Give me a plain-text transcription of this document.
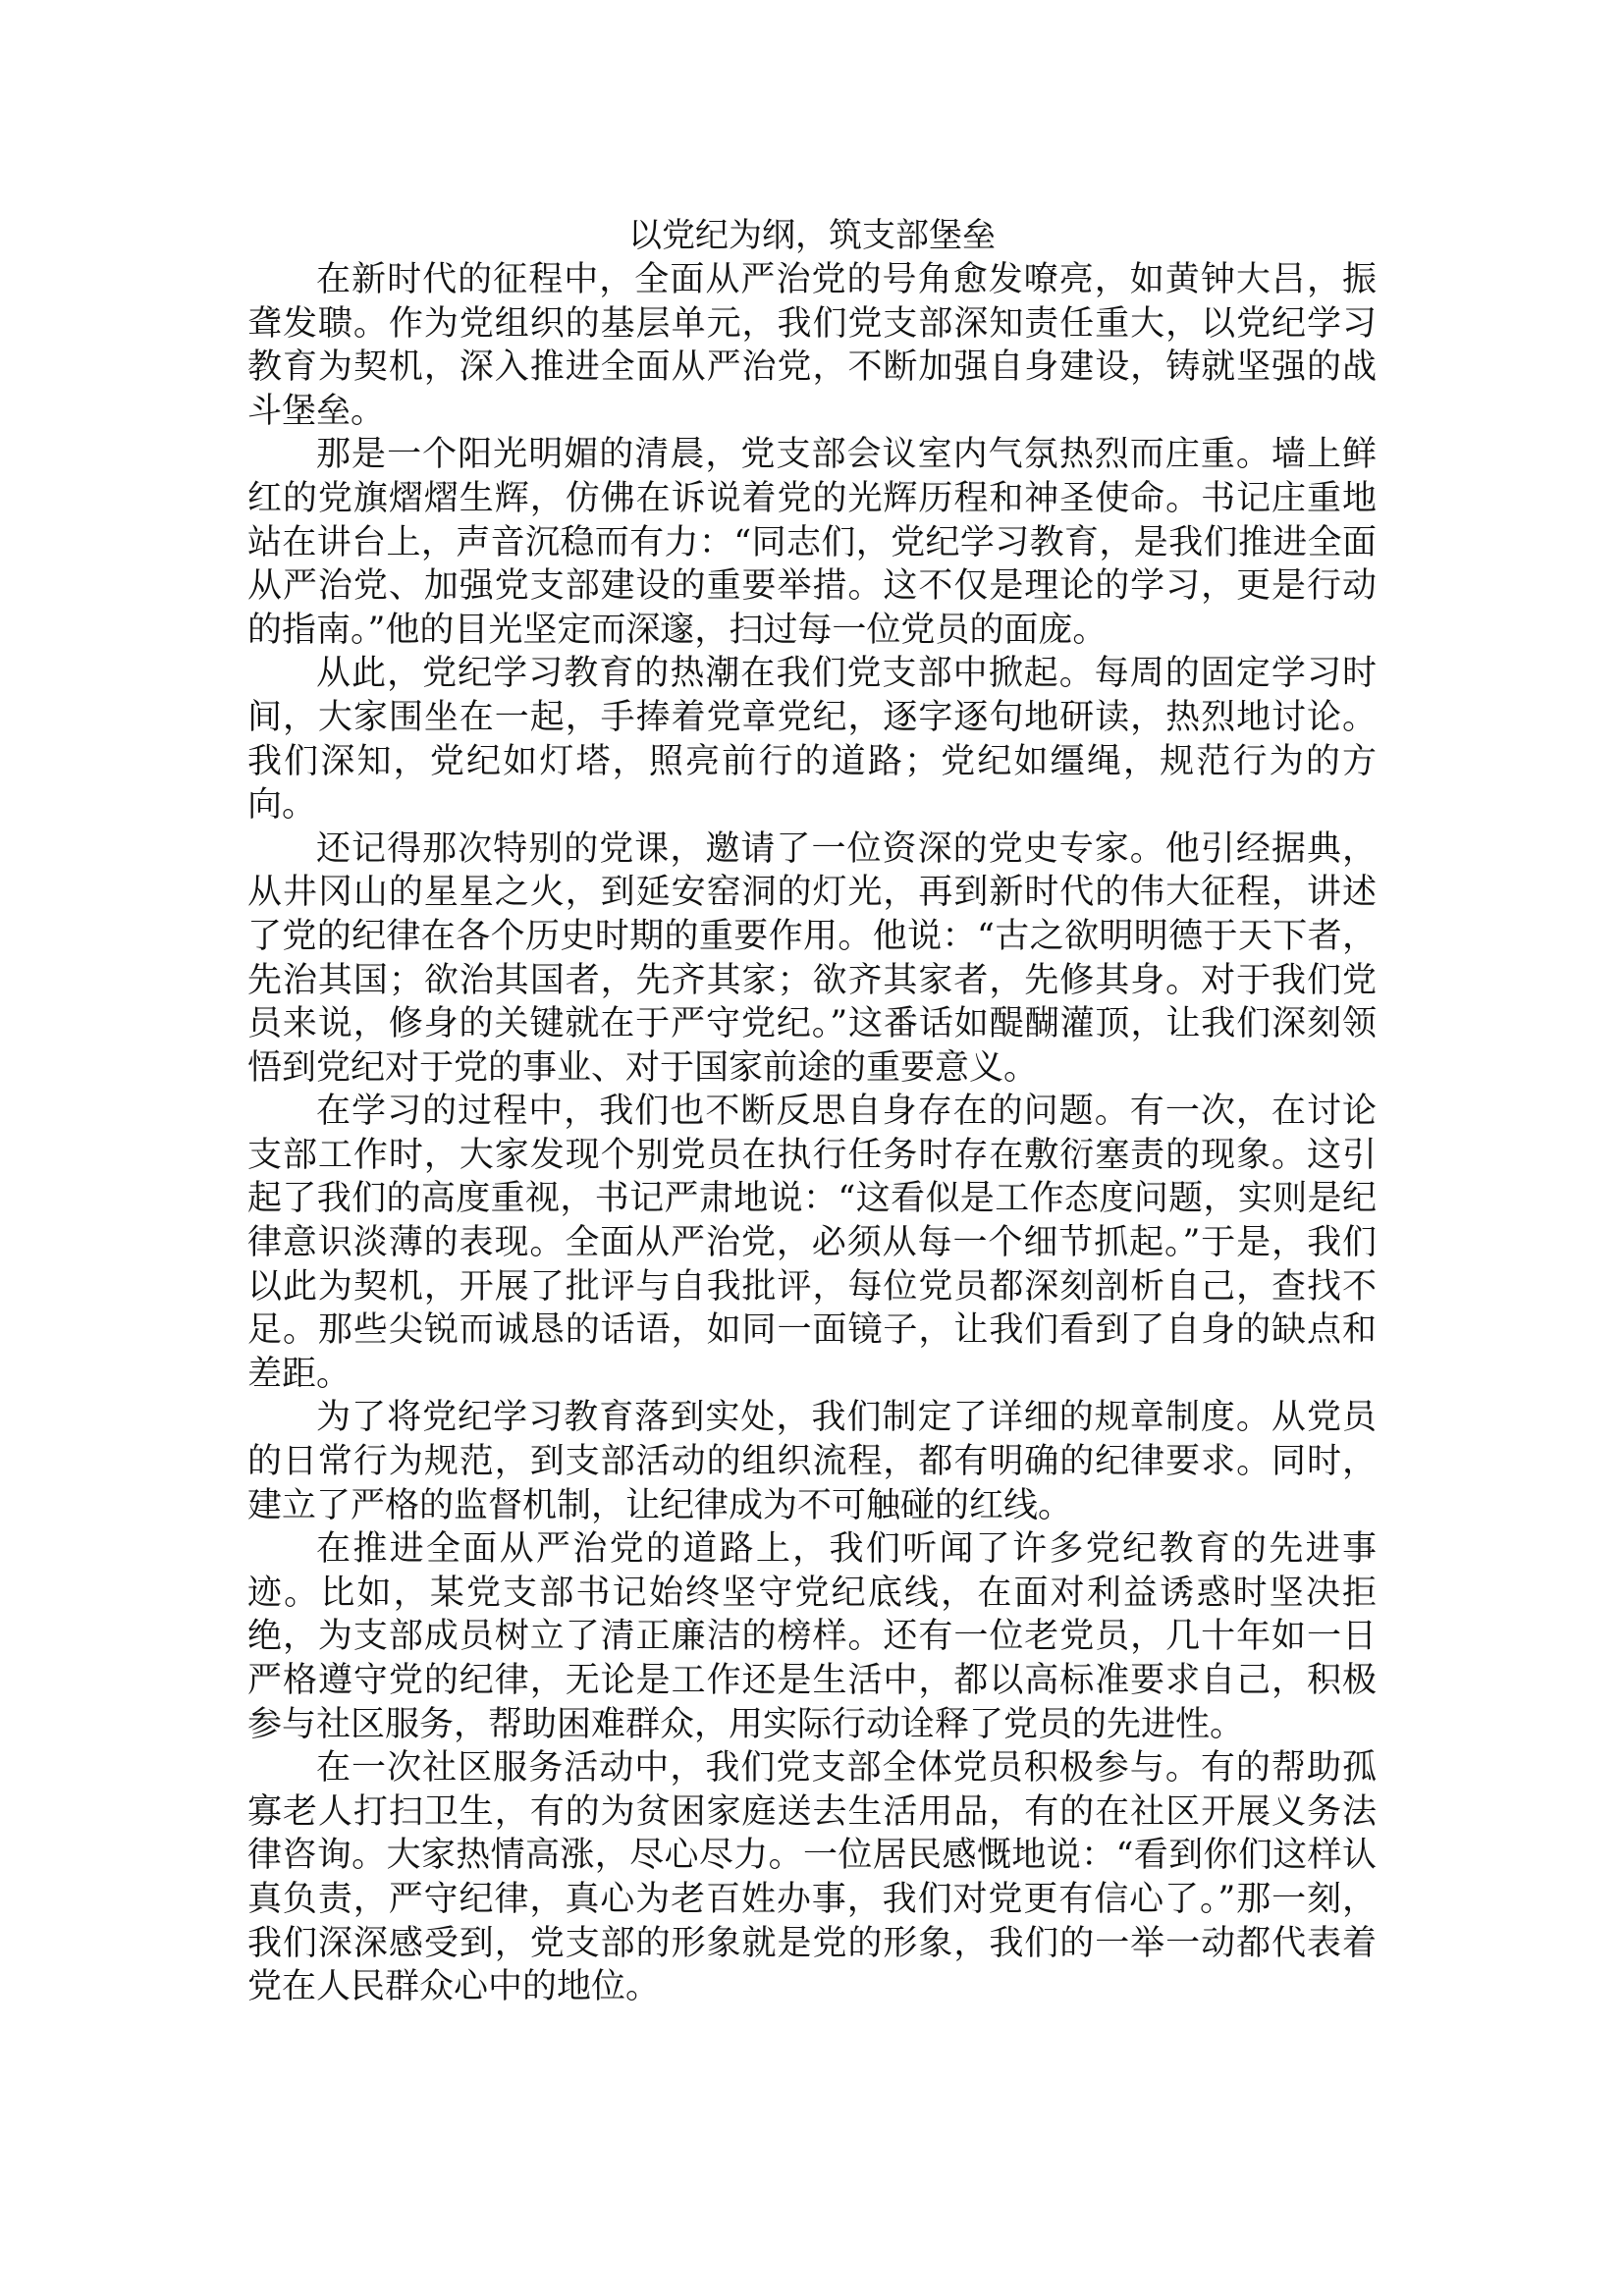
以党纪为纲，筑支部堡垒

在新时代的征程中，全面从严治党的号角愈发嘹亮，如黄钟大吕，振聋发聩。作为党组织的基层单元，我们党支部深知责任重大，以党纪学习教育为契机，深入推进全面从严治党，不断加强自身建设，铸就坚强的战斗堡垒。

那是一个阳光明媚的清晨，党支部会议室内气氛热烈而庄重。墙上鲜红的党旗熠熠生辉，仿佛在诉说着党的光辉历程和神圣使命。书记庄重地站在讲台上，声音沉稳而有力：“同志们，党纪学习教育，是我们推进全面从严治党、加强党支部建设的重要举措。这不仅是理论的学习，更是行动的指南。”他的目光坚定而深邃，扫过每一位党员的面庞。

从此，党纪学习教育的热潮在我们党支部中掀起。每周的固定学习时间，大家围坐在一起，手捧着党章党纪，逐字逐句地研读，热烈地讨论。我们深知，党纪如灯塔，照亮前行的道路；党纪如缰绳，规范行为的方向。

还记得那次特别的党课，邀请了一位资深的党史专家。他引经据典，从井冈山的星星之火，到延安窑洞的灯光，再到新时代的伟大征程，讲述了党的纪律在各个历史时期的重要作用。他说：“古之欲明明德于天下者，先治其国；欲治其国者，先齐其家；欲齐其家者，先修其身。对于我们党员来说，修身的关键就在于严守党纪。”这番话如醍醐灌顶，让我们深刻领悟到党纪对于党的事业、对于国家前途的重要意义。

在学习的过程中，我们也不断反思自身存在的问题。有一次，在讨论支部工作时，大家发现个别党员在执行任务时存在敷衍塞责的现象。这引起了我们的高度重视，书记严肃地说：“这看似是工作态度问题，实则是纪律意识淡薄的表现。全面从严治党，必须从每一个细节抓起。”于是，我们以此为契机，开展了批评与自我批评，每位党员都深刻剖析自己，查找不足。那些尖锐而诚恳的话语，如同一面镜子，让我们看到了自身的缺点和差距。

为了将党纪学习教育落到实处，我们制定了详细的规章制度。从党员的日常行为规范，到支部活动的组织流程，都有明确的纪律要求。同时，建立了严格的监督机制，让纪律成为不可触碰的红线。

在推进全面从严治党的道路上，我们听闻了许多党纪教育的先进事迹。比如，某党支部书记始终坚守党纪底线，在面对利益诱惑时坚决拒绝，为支部成员树立了清正廉洁的榜样。还有一位老党员，几十年如一日严格遵守党的纪律，无论是工作还是生活中，都以高标准要求自己，积极参与社区服务，帮助困难群众，用实际行动诠释了党员的先进性。

在一次社区服务活动中，我们党支部全体党员积极参与。有的帮助孤寡老人打扫卫生，有的为贫困家庭送去生活用品，有的在社区开展义务法律咨询。大家热情高涨，尽心尽力。一位居民感慨地说：“看到你们这样认真负责，严守纪律，真心为老百姓办事，我们对党更有信心了。”那一刻，我们深深感受到，党支部的形象就是党的形象，我们的一举一动都代表着党在人民群众心中的地位。
